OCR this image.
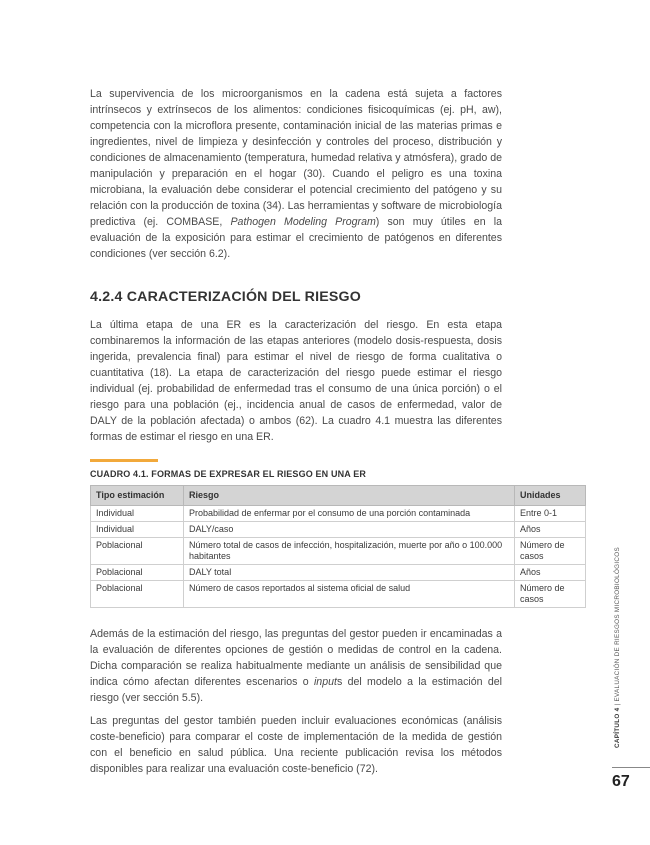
La supervivencia de los microorganismos en la cadena está sujeta a factores intrínsecos y extrínsecos de los alimentos: condiciones fisicoquímicas (ej. pH, aw), competencia con la microflora presente, contaminación inicial de las materias primas e ingredientes, nivel de limpieza y desinfección y controles del proceso, distribución y condiciones de almacenamiento (temperatura, humedad relativa y atmósfera), grado de manipulación y preparación en el hogar (30). Cuando el peligro es una toxina microbiana, la evaluación debe considerar el potencial crecimiento del patógeno y su relación con la producción de toxina (34). Las herramientas y software de microbiología predictiva (ej. COMBASE, Pathogen Modeling Program) son muy útiles en la evaluación de la exposición para estimar el crecimiento de patógenos en diferentes condiciones (ver sección 6.2).

4.2.4 CARACTERIZACIÓN DEL RIESGO

La última etapa de una ER es la caracterización del riesgo. En esta etapa combinaremos la información de las etapas anteriores (modelo dosis-respuesta, dosis ingerida, prevalencia final) para estimar el nivel de riesgo de forma cualitativa o cuantitativa (18). La etapa de caracterización del riesgo puede estimar el riesgo individual (ej. probabilidad de enfermedad tras el consumo de una única porción) o el riesgo para una población (ej., incidencia anual de casos de enfermedad, valor de DALY de la población afectada) o ambos (62). La cuadro 4.1 muestra las diferentes formas de estimar el riesgo en una ER.

CUADRO 4.1. FORMAS DE EXPRESAR EL RIESGO EN UNA ER
Tipo estimación	Riesgo	Unidades
Individual	Probabilidad de enfermar por el consumo de una porción contaminada	Entre 0-1
Individual	DALY/caso	Años
Poblacional	Número total de casos de infección, hospitalización, muerte por año o 100.000 habitantes	Número de casos
Poblacional	DALY total	Años
Poblacional	Número de casos reportados al sistema oficial de salud	Número de casos

Además de la estimación del riesgo, las preguntas del gestor pueden ir encaminadas a la evaluación de diferentes opciones de gestión o medidas de control en la cadena. Dicha comparación se realiza habitualmente mediante un análisis de sensibilidad que indica cómo afectan diferentes escenarios o inputs del modelo a la estimación del riesgo (ver sección 5.5).

Las preguntas del gestor también pueden incluir evaluaciones económicas (análisis coste-beneficio) para comparar el coste de implementación de la medida de gestión con el beneficio en salud pública. Una reciente publicación revisa los métodos disponibles para realizar una evaluación coste-beneficio (72).

CAPÍTULO 4 | EVALUACIÓN DE RIESGOS MICROBIOLÓGICOS
67
